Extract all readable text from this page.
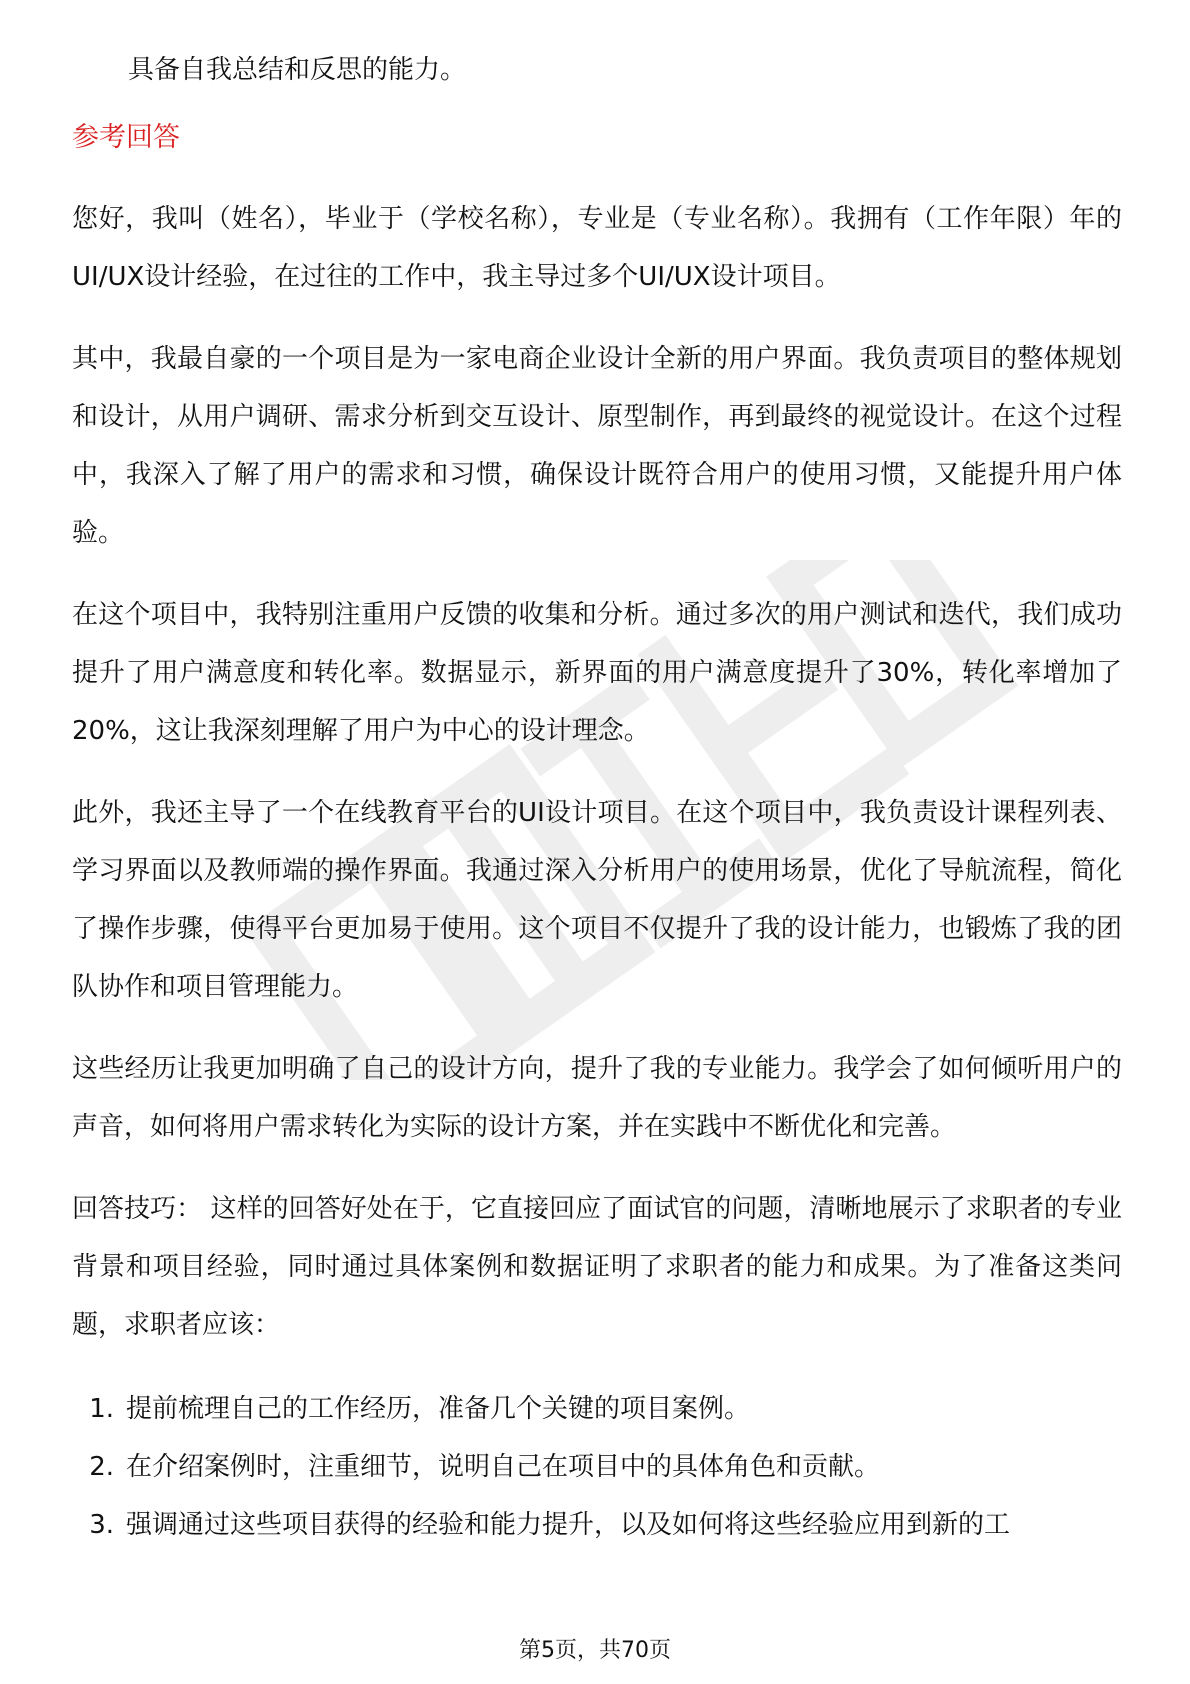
具备自我总结和反思的能力。
参考回答
您好，我叫（姓名），毕业于（学校名称），专业是（专业名称）。我拥有（工作年限）年的UI/UX设计经验，在过往的工作中，我主导过多个UI/UX设计项目。
其中，我最自豪的一个项目是为一家电商企业设计全新的用户界面。我负责项目的整体规划和设计，从用户调研、需求分析到交互设计、原型制作，再到最终的视觉设计。在这个过程中，我深入了解了用户的需求和习惯，确保设计既符合用户的使用习惯，又能提升用户体验。
在这个项目中，我特别注重用户反馈的收集和分析。通过多次的用户测试和迭代，我们成功提升了用户满意度和转化率。数据显示，新界面的用户满意度提升了30%，转化率增加了20%，这让我深刻理解了用户为中心的设计理念。
此外，我还主导了一个在线教育平台的UI设计项目。在这个项目中，我负责设计课程列表、学习界面以及教师端的操作界面。我通过深入分析用户的使用场景，优化了导航流程，简化了操作步骤，使得平台更加易于使用。这个项目不仅提升了我的设计能力，也锻炼了我的团队协作和项目管理能力。
这些经历让我更加明确了自己的设计方向，提升了我的专业能力。我学会了如何倾听用户的声音，如何将用户需求转化为实际的设计方案，并在实践中不断优化和完善。
回答技巧： 这样的回答好处在于，它直接回应了面试官的问题，清晰地展示了求职者的专业背景和项目经验，同时通过具体案例和数据证明了求职者的能力和成果。为了准备这类问题，求职者应该：
1. 提前梳理自己的工作经历，准备几个关键的项目案例。
2. 在介绍案例时，注重细节，说明自己在项目中的具体角色和贡献。
3. 强调通过这些项目获得的经验和能力提升，以及如何将这些经验应用到新的工
第5页，共70页
